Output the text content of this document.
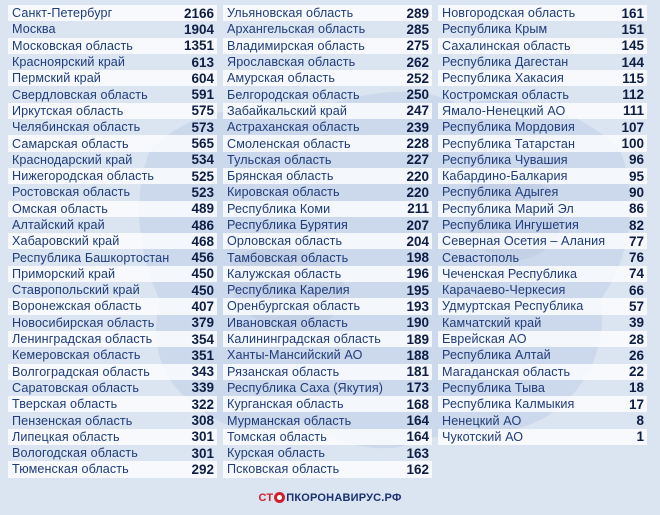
Санкт-Петербург	2166
Москва	1904
Московская область	1351
Красноярский край	613
Пермский край	604
Свердловская область	591
Иркутская область	575
Челябинская область	573
Самарская область	565
Краснодарский край	534
Нижегородская область	525
Ростовская область	523
Омская область	489
Алтайский край	486
Хабаровский край	468
Республика Башкортостан 456
Приморский край	450
Ставропольский край	450
Воронежская область	407
Новосибирская область	379
Ленинградская область	354
Кемеровская область	351
Волгоградская область	343
Саратовская область	339
Тверская область	322
Пензенская область	308
Липецкая область	301
Вологодская область	301
Тюменская область	292
Ульяновская область	289
Архангельская область	285
Владимирская область	275
Ярославская область	262
Амурская область	252
Белгородская область	250
Забайкальский край	247
Астраханская область	239
Смоленская область	228
Тульская область	227
Брянская область	220
Кировская область	220
Республика Коми	211
Республика Бурятия	207
Орловская область	204
Тамбовская область	198
Калужская область	196
Республика Карелия	195
Оренбургская область	193
Ивановская область	190
Калининградская область 189
Ханты-Мансийский АО	188
Рязанская область	181
Республика Саха (Якутия) 173
Курганская область	168
Мурманская область	164
Томская область	164
Курская область	163
Псковская область	162
Новгородская область	161
Республика Крым	151
Сахалинская область	145
Республика Дагестан	144
Республика Хакасия	115
Костромская область	112
Ямало-Ненецкий АО	111
Республика Мордовия	107
Республика Татарстан	100
Республика Чувашия	96
Кабардино-Балкария	95
Республика Адыгея	90
Республика Марий Эл	86
Республика Ингушетия	82
Северная Осетия – Алания 77
Севастополь	76
Чеченская Республика	74
Карачаево-Черкесия	66
Удмуртская Республика	57
Камчатский край	39
Еврейская АО	28
Республика Алтай	26
Магаданская область	22
Республика Тыва	18
Республика Калмыкия	17
Ненецкий АО	8
Чукотский АО	1
СТ ПКОРОНАВИРУС.РФ
